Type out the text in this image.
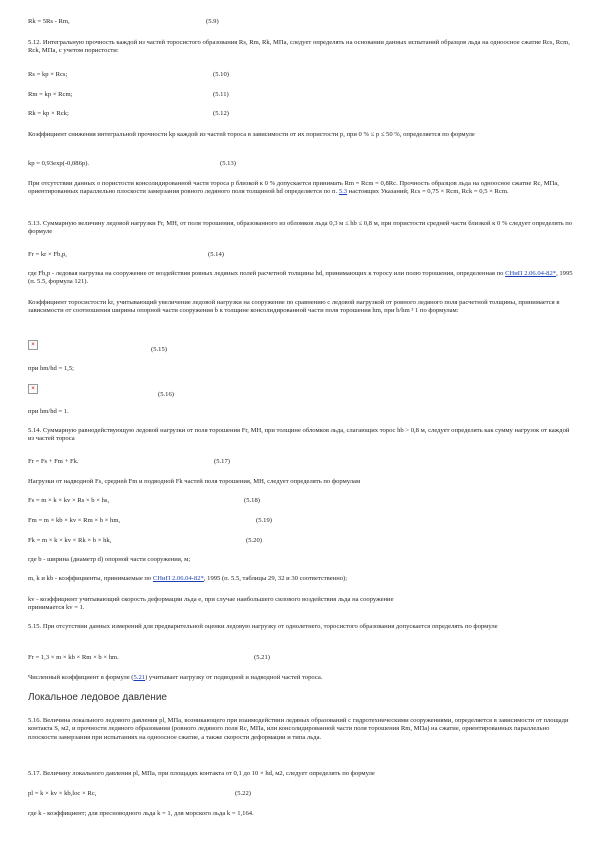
Rk = 5Rs - Rm,	(5.9)
5.12. Интегральную прочность каждой из частей торосистого образования Rs, Rm, Rk, МПа, следует определять на основании данных испытаний образцов льда на одноосное сжатие Rcs, Rcm, Rck, МПа, с учетом пористости:
Rs = kp × Rcs;	(5.10)
Rm = kp × Rcm;	(5.11)
Rk = kp × Rck;	(5.12)
Коэффициент снижения интегральной прочности kp каждой из частей тороса в зависимости от их пористости p, при 0 % ≤ p ≤ 50 %, определяется по формуле
kp = 0,93exp(-0,086p).	(5.13)
При отсутствии данных о пористости консолидированной части тороса p близкой к 0 % допускается принимать Rm = Rcm = 0,8Rc. Прочность образцов льда на одноосное сжатие Rc, МПа, ориентированных параллельно плоскости замерзания ровного ледяного поля толщиной hd определяется по п. 5.3 настоящих Указаний; Rcs = 0,75 × Rcm, Rck = 0,5 × Rcm.
5.13. Суммарную величину ледовой нагрузки Fr, МН, от поля торошения, образованного из обломков льда 0,3 м ≤ hb ≤ 0,8 м, при пористости средней части близкой к 0 % следует определять по формуле
Fr = kr × Fb,p,	(5.14)
где Fb,p - ледовая нагрузка на сооружение от воздействия ровных ледяных полей расчетной толщины hd, принимающих к торосу или полю торошения, определенная по СНиП 2.06.04-82*, 1995 (п. 5.5, формула 121).
Коэффициент торосистости kr, учитывающий увеличение ледовой нагрузки на сооружение по сравнению с ледовой нагрузкой от ровного ледяного поля расчетной толщины, принимается в зависимости от соотношения ширины опорной части сооружения b к толщине консолидированной части поля торошения hm, при b/hm ³ 1 по формулам:
×
(5.15)
при hm/hd = 1,5;
×
(5.16)
при hm/hd = 1.
5.14. Суммарную равнодействующую ледовой нагрузки от поля торошения Fr, МН, при толщине обломков льда, слагающих торос hb > 0,8 м, следует определять как сумму нагрузок от каждой из частей тороса
Fr = Fs + Fm + Fk.	(5.17)
Нагрузки от надводной Fs, средней Fm и подводной Fk частей поля торошения, МН, следует определять по формулам
Fs = m × k × kv × Rs × b × hs,	(5.18)
Fm = m × kb × kv × Rm × b × hm,	(5.19)
Fk = m × k × kv × Rk × b × hk,	(5.20)
где b - ширина (диаметр d) опорной части сооружения, м;
m, k и kb - коэффициенты, принимаемые по СНиП 2.06.04-82*, 1995 (п. 5.5, таблицы 29, 32 и 30 соответственно);
kv - коэффициент учитывающий скорость деформации льда e, при случае наибольшего силового воздействия льда на сооружение
принимается kv = 1.
5.15. При отсутствии данных измерений для предварительной оценки ледовую нагрузку от однолетнего, торосистого образования допускается определять по формуле
Fr = 1,3 × m × kb × Rm × b × hm.	(5.21)
Численный коэффициент в формуле (5.21) учитывает нагрузку от подводной и надводной частей тороса.
Локальное ледовое давление
5.16. Величина локального ледового давления pl, МПа, возникающего при взаимодействии ледяных образований с гидротехническими сооружениями, определяется в зависимости от площади контакта S, м2, и прочности ледяного образования (ровного ледяного поля Rc, МПа, или консолидированной части поля торошения Rm, МПа) на сжатие, ориентированных параллельно плоскости замерзания при испытаниях на одноосное сжатие, а также скорости деформации и типа льда.
5.17. Величину локального давления pl, МПа, при площадях контакта от 0,1 до 10 × hd, м2, следует определять по формуле
pl = k × kv × kb,loc × Rc,	(5.22)
где k - коэффициент; для пресноводного льда k = 1, для морского льда k = 1,164.
